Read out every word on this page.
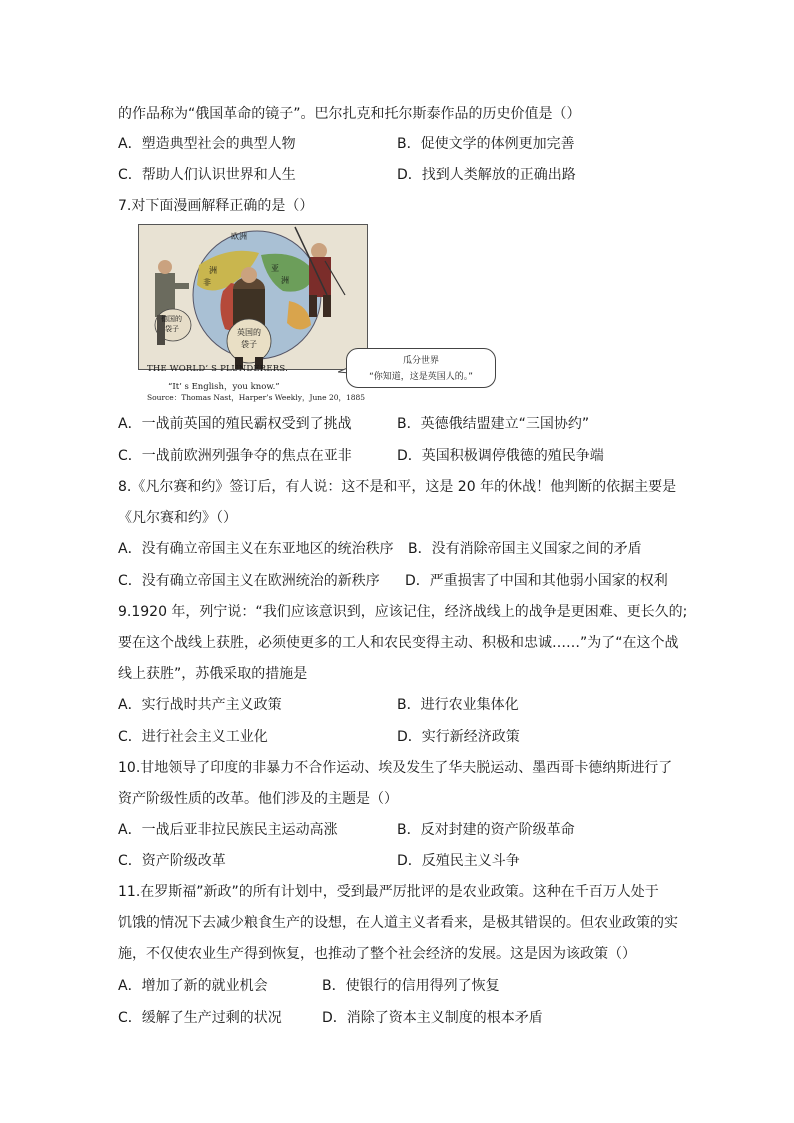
的作品称为“俄国革命的镜子”。巴尔扎克和托尔斯泰作品的历史价值是（）
A．塑造典型社会的典型人物	B．促使文学的体例更加完善
C．帮助人们认识世界和人生	D．找到人类解放的正确出路
7.对下面漫画解释正确的是（）
欧洲
洲
非
亚
洲
德国的
袋子	英国的
袋子
THE WORLD’ S PLUNDERERS.
“It’ s English，you know.”
Source：Thomas Nast，Harper’s Weekly，June 20，1885
瓜分世界
“你知道，这是英国人的。”
A．一战前英国的殖民霸权受到了挑战	B．英德俄结盟建立“三国协约”
C．一战前欧洲列强争夺的焦点在亚非	D．英国积极调停俄德的殖民争端
8.《凡尔赛和约》签订后，有人说：这不是和平，这是 20 年的休战！他判断的依据主要是
《凡尔赛和约》（）
A．没有确立帝国主义在东亚地区的统治秩序 B．没有消除帝国主义国家之间的矛盾
C．没有确立帝国主义在欧洲统治的新秩序 D．严重损害了中国和其他弱小国家的权利
9.1920 年，列宁说：“我们应该意识到，应该记住，经济战线上的战争是更困难、更长久的;
要在这个战线上获胜，必须使更多的工人和农民变得主动、积极和忠诚……”为了“在这个战
线上获胜”，苏俄采取的措施是
A．实行战时共产主义政策	B．进行农业集体化
C．进行社会主义工业化	D．实行新经济政策
10.甘地领导了印度的非暴力不合作运动、埃及发生了华夫脱运动、墨西哥卡德纳斯进行了
资产阶级性质的改革。他们涉及的主题是（）
A．一战后亚非拉民族民主运动高涨	B．反对封建的资产阶级革命
C．资产阶级改革	D．反殖民主义斗争
11.在罗斯福”新政”的所有计划中，受到最严厉批评的是农业政策。这种在千百万人处于
饥饿的情况下去减少粮食生产的设想，在人道主义者看来，是极其错误的。但农业政策的实
施，不仅使农业生产得到恢复，也推动了整个社会经济的发展。这是因为该政策（）
A．增加了新的就业机会	B．使银行的信用得列了恢复
C．缓解了生产过剩的状况	D．消除了资本主义制度的根本矛盾
